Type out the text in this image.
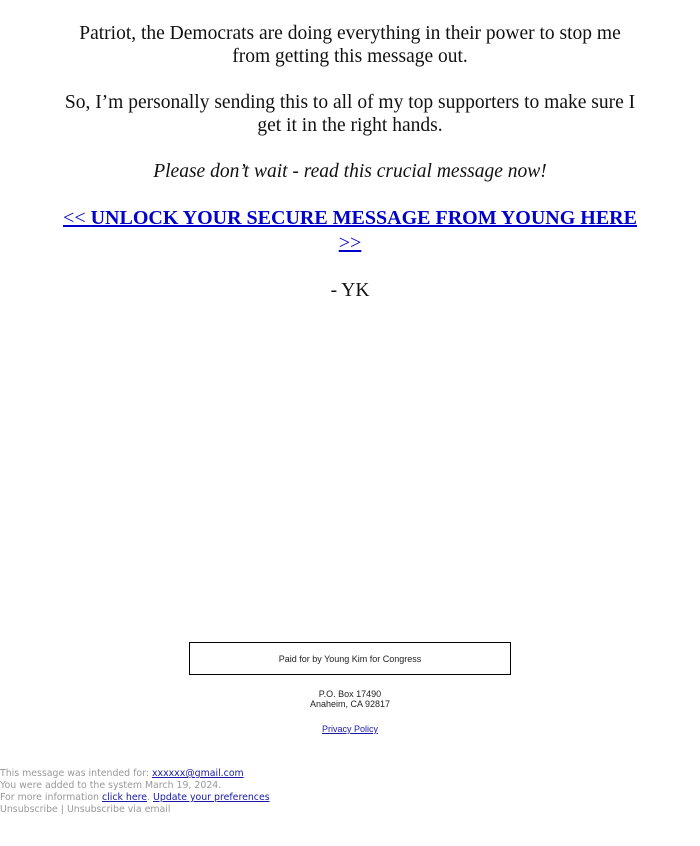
Patriot, the Democrats are doing everything in their power to stop me from getting this message out.

So, I’m personally sending this to all of my top supporters to make sure I get it in the right hands.

Please don’t wait - read this crucial message now!

<< UNLOCK YOUR SECURE MESSAGE FROM YOUNG HERE >>

- YK

Paid for by Young Kim for Congress
P.O. Box 17490
Anaheim, CA 92817
Privacy Policy
This message was intended for: xxxxxx@gmail.com
You were added to the system March 19, 2024.
For more information click here. Update your preferences
Unsubscribe | Unsubscribe via email
